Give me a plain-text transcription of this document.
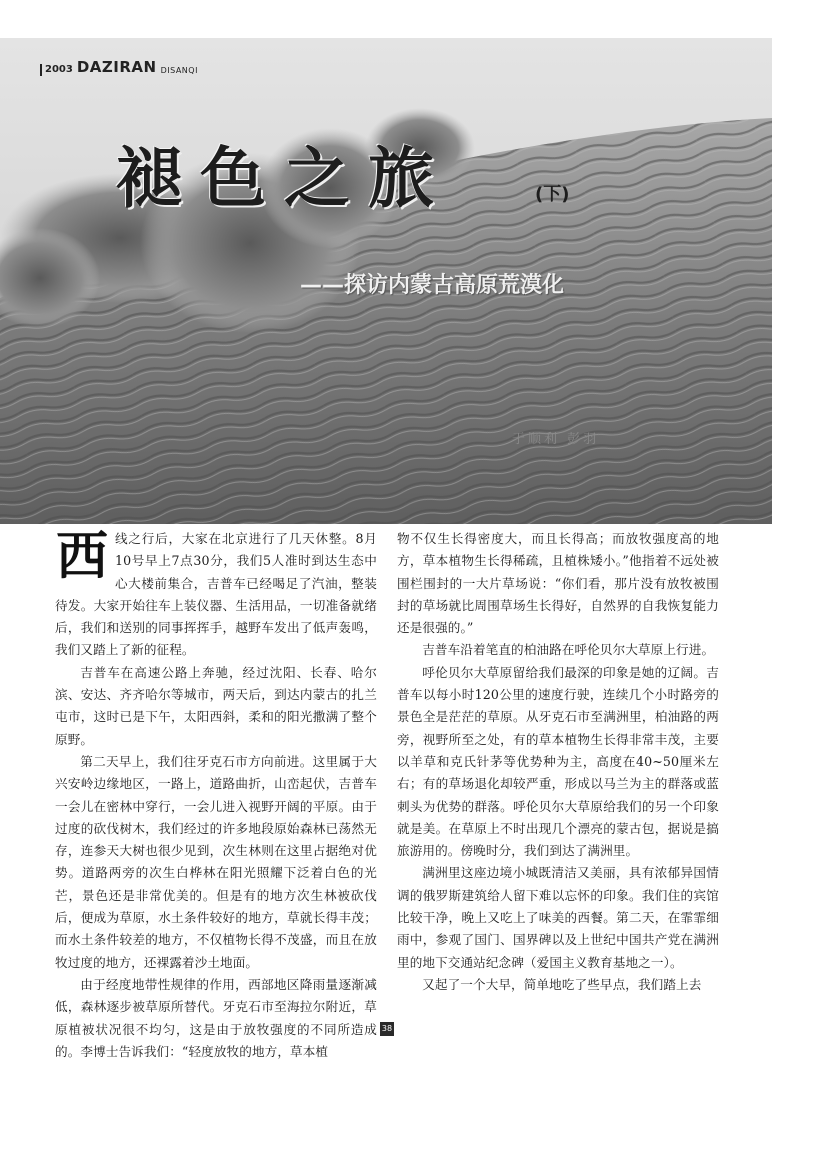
2003 DAZIRAN DISANQI
褪色之旅	(下)
——探访内蒙古高原荒漠化
于顺利 彭羽

西线之行后，大家在北京进行了几天休整。8月10号早上7点30分，我们5人准时到达生态中心大楼前集合，吉普车已经喝足了汽油，整装待发。大家开始往车上装仪器、生活用品，一切准备就绪后，我们和送别的同事挥挥手，越野车发出了低声轰鸣，我们又踏上了新的征程。

吉普车在高速公路上奔驰，经过沈阳、长春、哈尔滨、安达、齐齐哈尔等城市，两天后，到达内蒙古的扎兰屯市，这时已是下午，太阳西斜，柔和的阳光撒满了整个原野。

第二天早上，我们往牙克石市方向前进。这里属于大兴安岭边缘地区，一路上，道路曲折，山峦起伏，吉普车一会儿在密林中穿行，一会儿进入视野开阔的平原。由于过度的砍伐树木，我们经过的许多地段原始森林已荡然无存，连参天大树也很少见到，次生林则在这里占据绝对优势。道路两旁的次生白桦林在阳光照耀下泛着白色的光芒，景色还是非常优美的。但是有的地方次生林被砍伐后，便成为草原，水土条件较好的地方，草就长得丰茂；而水土条件较差的地方，不仅植物长得不茂盛，而且在放牧过度的地方，还裸露着沙土地面。

由于经度地带性规律的作用，西部地区降雨量逐渐减低，森林逐步被草原所替代。牙克石市至海拉尔附近，草原植被状况很不均匀，这是由于放牧强度的不同所造成的。李博士告诉我们：“轻度放牧的地方，草本植

物不仅生长得密度大，而且长得高；而放牧强度高的地方，草本植物生长得稀疏，且植株矮小。”他指着不远处被围栏围封的一大片草场说：“你们看，那片没有放牧被围封的草场就比周围草场生长得好，自然界的自我恢复能力还是很强的。”

吉普车沿着笔直的柏油路在呼伦贝尔大草原上行进。

呼伦贝尔大草原留给我们最深的印象是她的辽阔。吉普车以每小时120公里的速度行驶，连续几个小时路旁的景色全是茫茫的草原。从牙克石市至满洲里，柏油路的两旁，视野所至之处，有的草本植物生长得非常丰茂，主要以羊草和克氏针茅等优势种为主，高度在40~50厘米左右；有的草场退化却较严重，形成以马兰为主的群落或蓝刺头为优势的群落。呼伦贝尔大草原给我们的另一个印象就是美。在草原上不时出现几个漂亮的蒙古包，据说是搞旅游用的。傍晚时分，我们到达了满洲里。

满洲里这座边境小城既清洁又美丽，具有浓郁异国情调的俄罗斯建筑给人留下难以忘怀的印象。我们住的宾馆比较干净，晚上又吃上了味美的西餐。第二天，在霏霏细雨中，参观了国门、国界碑以及上世纪中国共产党在满洲里的地下交通站纪念碑（爱国主义教育基地之一）。

又起了一个大早，简单地吃了些早点，我们踏上去

38
